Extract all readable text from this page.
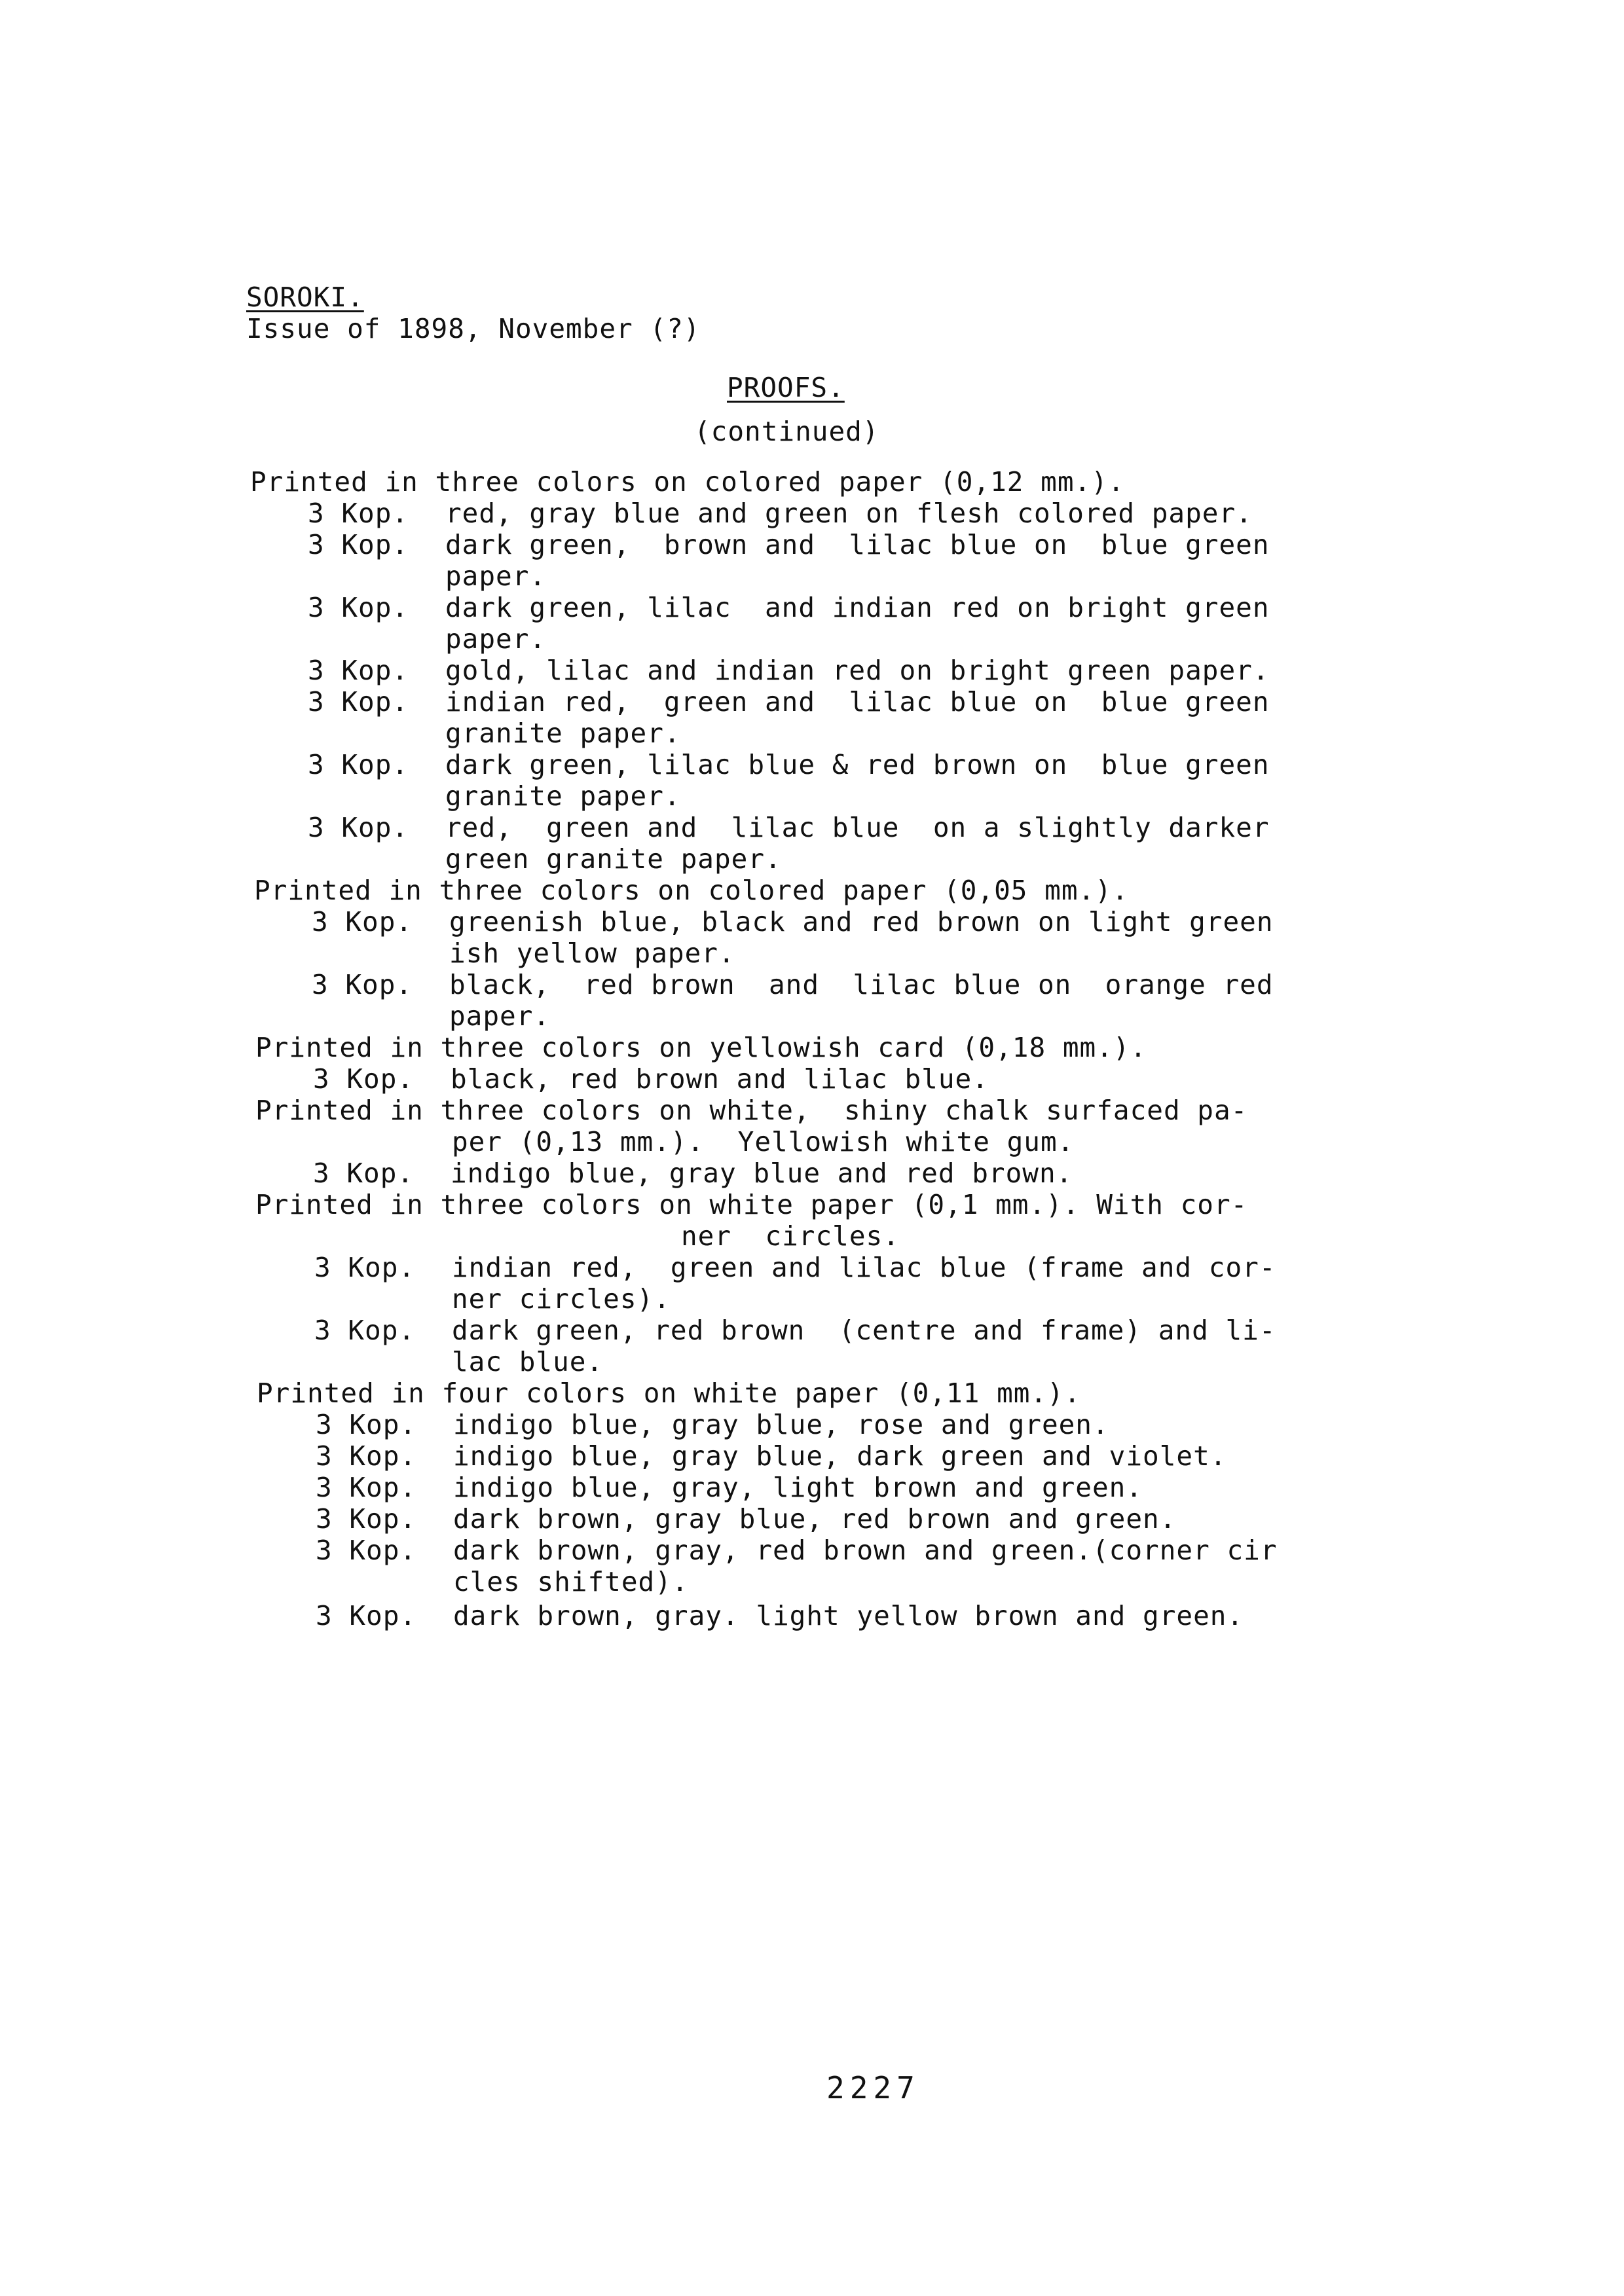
SOROKI.
Issue of 1898, November (?)
PROOFS.
(continued)
Printed in three colors on colored paper (0,12 mm.).
3 Kop. red, gray blue and green on flesh colored paper.
3 Kop. dark green,  brown and  lilac blue on  blue green
paper.
3 Kop. dark green, lilac  and indian red on bright green
paper.
3 Kop. gold, lilac and indian red on bright green paper.
3 Kop. indian red,  green and  lilac blue on  blue green
granite paper.
3 Kop. dark green, lilac blue & red brown on  blue green
granite paper.
3 Kop. red,  green and  lilac blue  on a slightly darker
green granite paper.
Printed in three colors on colored paper (0,05 mm.).
3 Kop. greenish blue, black and red brown on light green
ish yellow paper.
3 Kop. black,  red brown  and  lilac blue on  orange red
paper.
Printed in three colors on yellowish card (0,18 mm.).
3 Kop. black, red brown and lilac blue.
Printed in three colors on white,  shiny chalk surfaced pa-
per (0,13 mm.).  Yellowish white gum.
3 Kop. indigo blue, gray blue and red brown.
Printed in three colors on white paper (0,1 mm.). With cor-
ner  circles.
3 Kop. indian red,  green and lilac blue (frame and cor-
ner circles).
3 Kop. dark green, red brown  (centre and frame) and li-
lac blue.
Printed in four colors on white paper (0,11 mm.).
3 Kop. indigo blue, gray blue, rose and green.
3 Kop. indigo blue, gray blue, dark green and violet.
3 Kop. indigo blue, gray, light brown and green.
3 Kop. dark brown, gray blue, red brown and green.
3 Kop. dark brown, gray, red brown and green.(corner cir
cles shifted).
3 Kop. dark brown, gray. light yellow brown and green.
2227
